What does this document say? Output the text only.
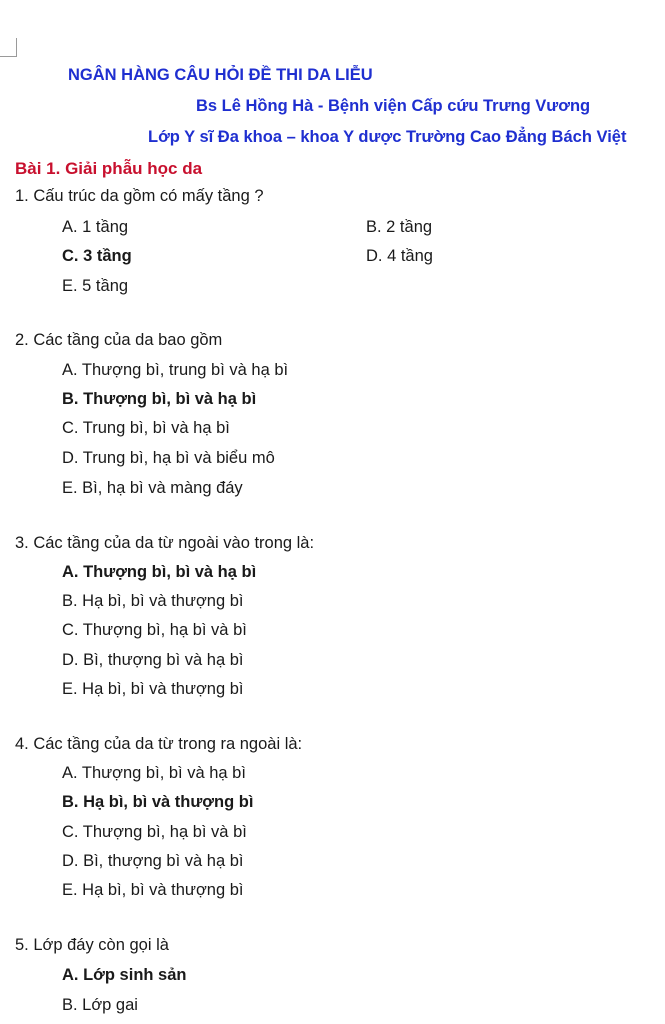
NGÂN HÀNG CÂU HỎI ĐỀ THI DA LIỄU
Bs Lê Hồng Hà - Bệnh viện Cấp cứu Trưng Vương
Lớp Y sĩ Đa khoa – khoa Y dược Trường Cao Đẳng Bách Việt
Bài 1. Giải phẫu học da
1. Cấu trúc da gồm có mấy tầng ?
A. 1 tầng	B. 2 tầng
C. 3 tầng	D. 4 tầng
E. 5 tầng
2. Các tầng của da bao gồm
A. Thượng bì, trung bì và hạ bì
B. Thượng bì, bì và hạ bì
C. Trung bì, bì và hạ bì
D. Trung bì, hạ bì và biểu mô
E. Bì, hạ bì và màng đáy
3. Các tầng của da từ ngoài vào trong là:
A. Thượng bì, bì và hạ bì
B. Hạ bì, bì và thượng bì
C. Thượng bì, hạ bì và bì
D. Bì, thượng bì và hạ bì
E. Hạ bì, bì và thượng bì
4. Các tầng của da từ trong ra ngoài là:
A. Thượng bì, bì và hạ bì
B. Hạ bì, bì và thượng bì
C. Thượng bì, hạ bì và bì
D. Bì, thượng bì và hạ bì
E. Hạ bì, bì và thượng bì
5. Lớp đáy còn gọi là
A. Lớp sinh sản
B. Lớp gai
